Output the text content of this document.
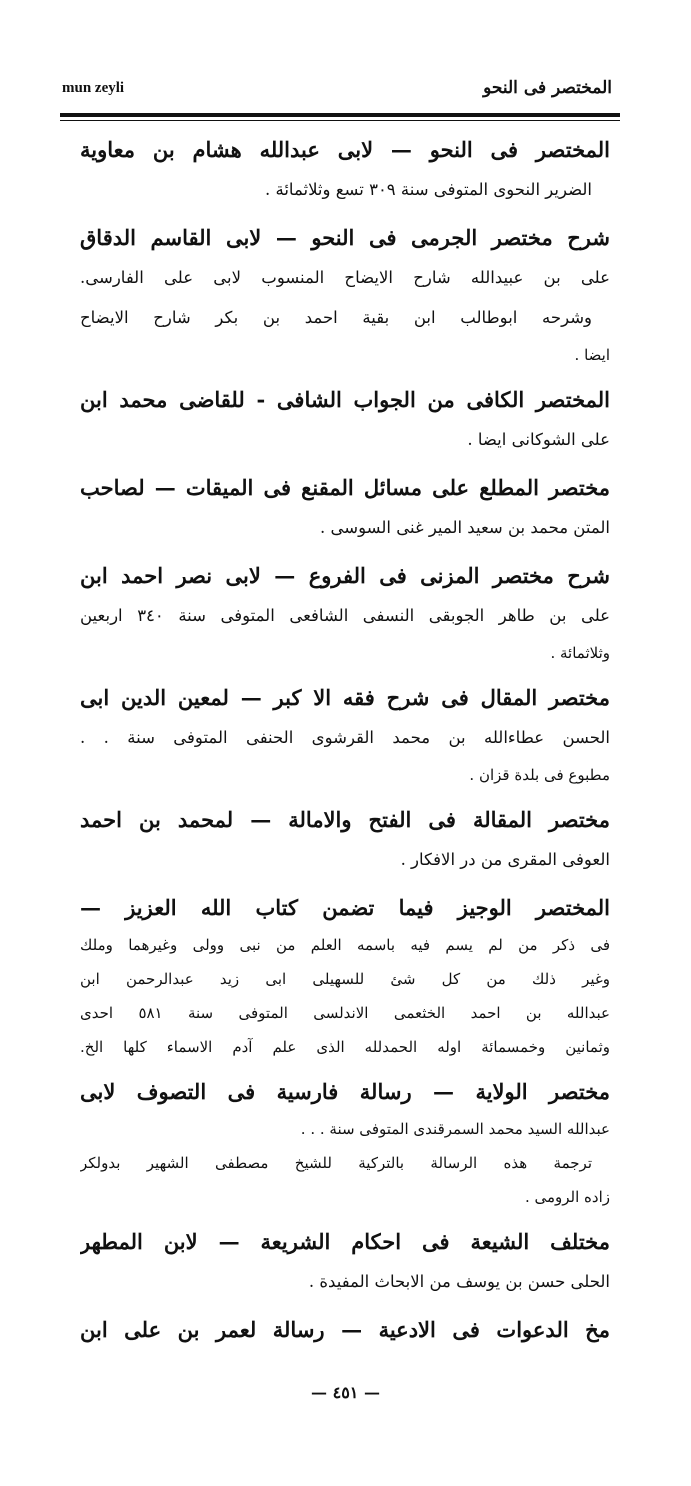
mun zeyli	المختصر فى النحو
المختصر فى النحو — لابى عبدالله هشام بن معاوية
الضرير النحوى المتوفى سنة ٣٠٩ تسع وثلاثمائة .
شرح مختصر الجرمى فى النحو — لابى القاسم الدقاق
على بن عبيدالله شارح الايضاح المنسوب لابى على الفارسى.
وشرحه ابوطالب ابن بقية احمد بن بكر شارح الايضاح
ايضا .
المختصر الكافى من الجواب الشافى - للقاضى محمد ابن
على الشوكانى ايضا .
مختصر المطلع على مسائل المقنع فى الميقات — لصاحب
المتن محمد بن سعيد المير غنى السوسى .
شرح مختصر المزنى فى الفروع — لابى نصر احمد ابن
على بن طاهر الجوبقى النسفى الشافعى المتوفى سنة ٣٤٠ اربعين
وثلاثمائة .
مختصر المقال فى شرح فقه الا كبر — لمعين الدين ابى
الحسن عطاءالله بن محمد القرشوى الحنفى المتوفى سنة . .
مطبوع فى بلدة قزان .
مختصر المقالة فى الفتح والامالة — لمحمد بن احمد
العوفى المقرى من در الافكار .
المختصر الوجيز فيما تضمن كتاب الله العزيز —
فى ذكر من لم يسم فيه باسمه العلم من نبى وولى وغيرهما وملك
وغير ذلك من كل شئ للسهيلى ابى زيد عبدالرحمن ابن
عبدالله بن احمد الخثعمى الاندلسى المتوفى سنة ٥٨١ احدى
وثمانين وخمسمائة اوله الحمدلله الذى علم آدم الاسماء كلها الخ.
مختصر الولاية — رسالة فارسية فى التصوف لابى
عبدالله السيد محمد السمرقندى المتوفى سنة . . .
ترجمة هذه الرسالة بالتركية للشيخ مصطفى الشهير بدولكر
زاده الرومى .
مختلف الشيعة فى احكام الشريعة — لابن المطهر
الحلى حسن بن يوسف من الابحاث المفيدة .
مخ الدعوات فى الادعية — رسالة لعمر بن على ابن
— ٤٥١ —
